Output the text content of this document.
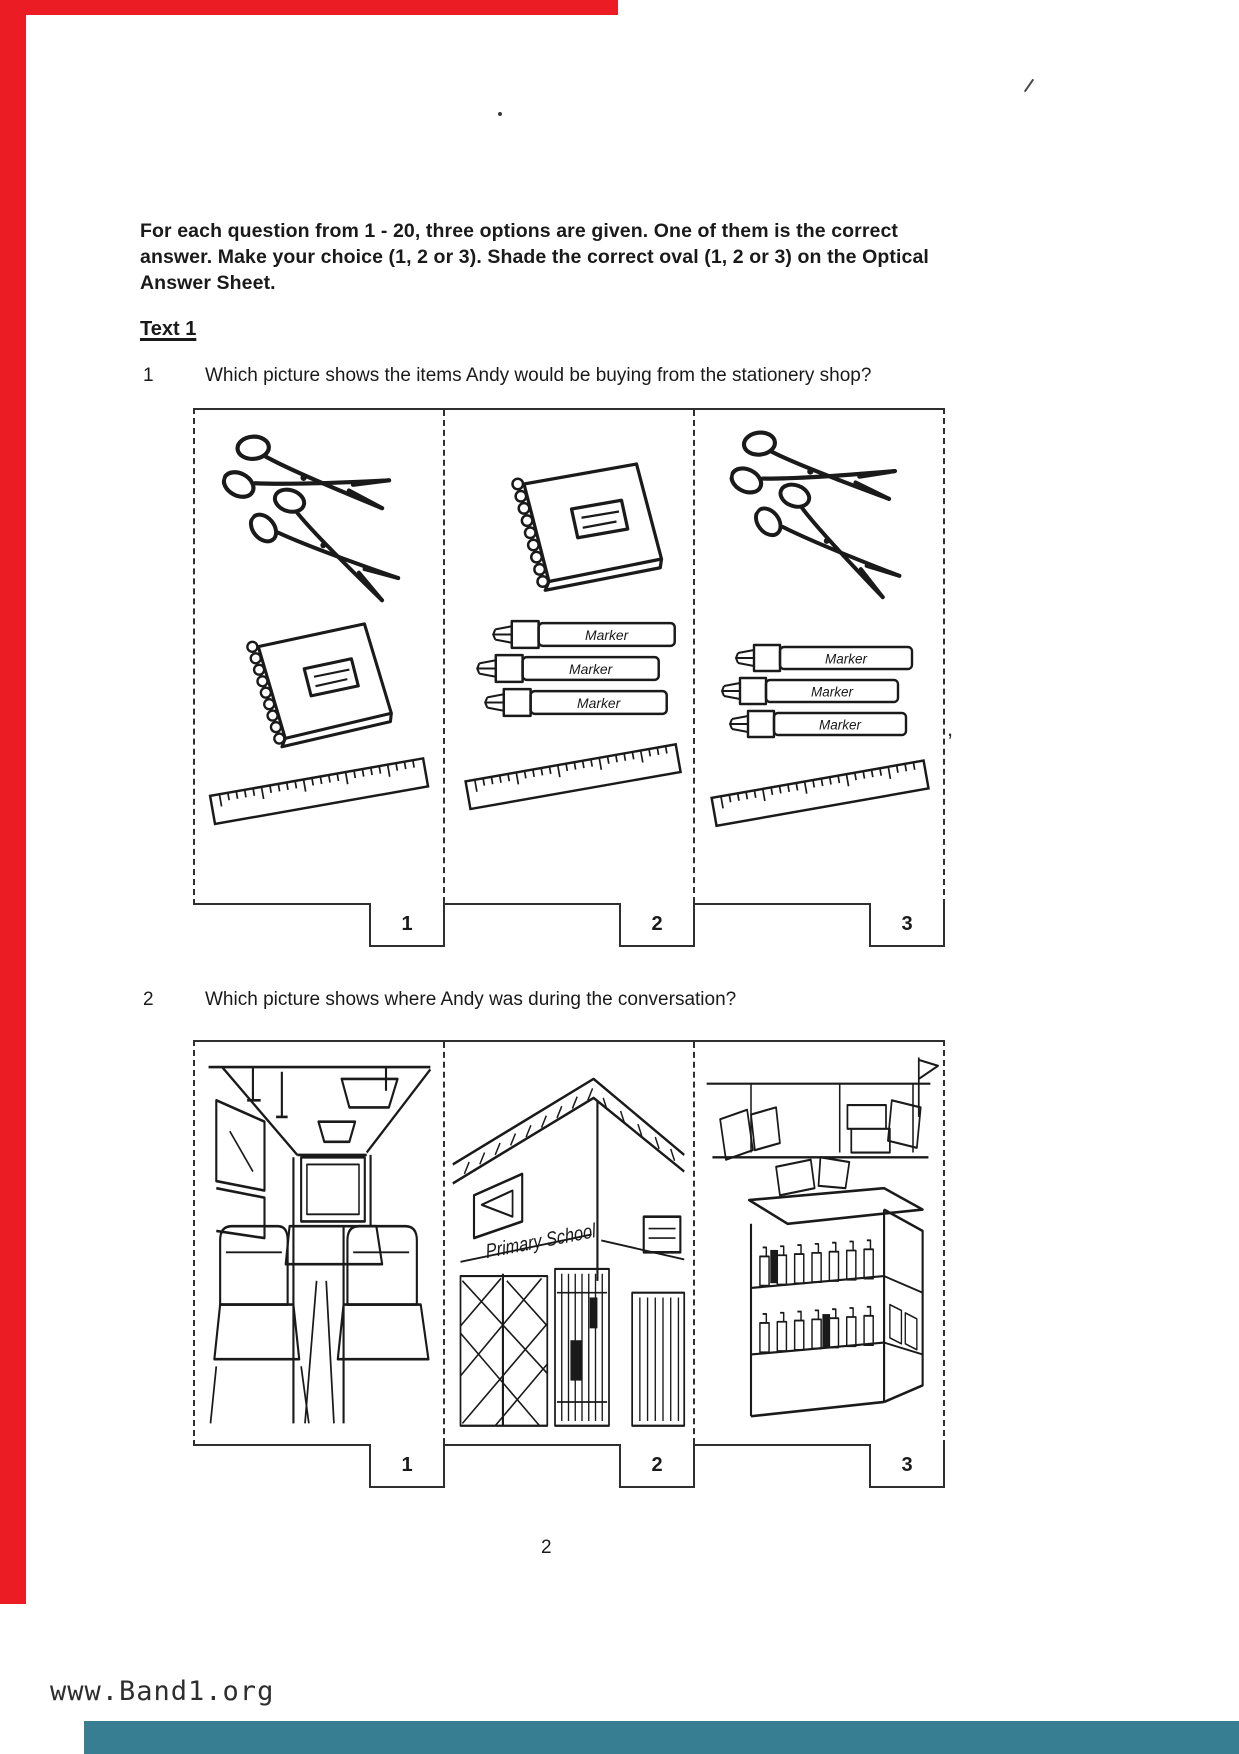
,

For each question from 1 - 20, three options are given. One of them is the correct answer. Make your choice (1, 2 or 3). Shade the correct oval (1, 2 or 3) on the Optical Answer Sheet.

Text 1
1	Which picture shows the items Andy would be buying from the stationery shop?
1	2	3
2	Which picture shows where Andy was during the conversation?
1	2	3
2
www.Band1.org
